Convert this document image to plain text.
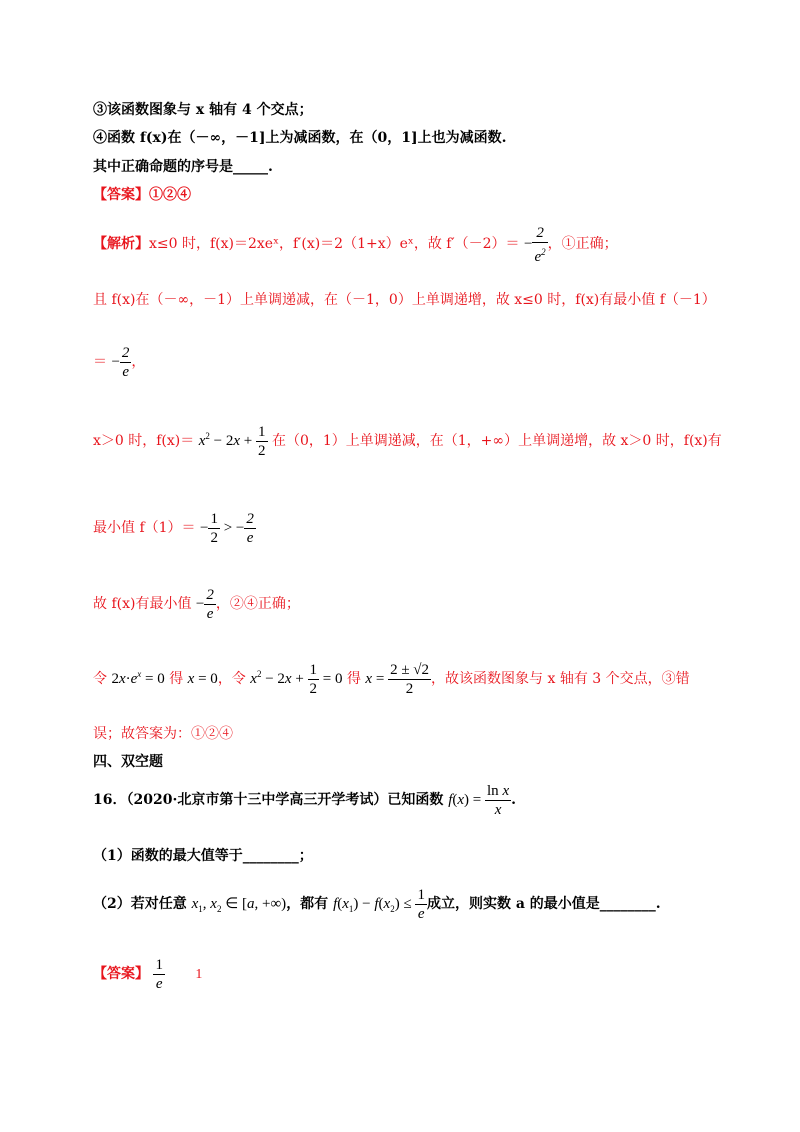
③该函数图象与 x 轴有 4 个交点；
④函数 f(x)在（－∞，－1]上为减函数，在（0，1]上也为减函数.
其中正确命题的序号是_____.
【答案】①②④
【解析】x≤0 时，f(x)＝2xeˣ，f′(x)＝2（1+x）eˣ，故 $f'(-2)= - \frac{2}{e^2}$ ，①正确；
且 f(x)在（－∞，－1）上单调递减，在（－1，0）上单调递增，故 x≤0 时，f(x)有最小值 f（－1）
＝ − $\frac{2}{e}$ ，
x＞0 时，$f(x)= x^2 - 2x + \frac{1}{2}$ 在（0，1）上单调递减，在（1，+∞）上单调递增，故 x＞0 时，f(x)有
最小值 $f(1)= - \frac{1}{2}$ > − $\frac{2}{e}$
故 f(x)有最小值 − $\frac{2}{e}$ ，②④正确；
令 $2x\cdot e^x = 0$ 得 x = 0，令 $x^2 - 2x + \frac{1}{2} = 0$ 得 $x = \frac{2 \pm √2}{2}$ ，故该函数图象与 x 轴有 3 个交点，③错
误；故答案为：①②④
四、双空题
16．（2020·北京市第十三中学高三开学考试）已知函数 $f(x) = \frac{\text{ln x}}{x}$ .
（1）函数的最大值等于________；
（2）若对任意 $x_1$, $x_2$ ∈ [a, +∞)，都有 $f(x_1) - f(x_2) \le \frac{1}{e}$ 成立，则实数 a 的最小值是________.
【答案】 $\frac{1}{e} 1$
